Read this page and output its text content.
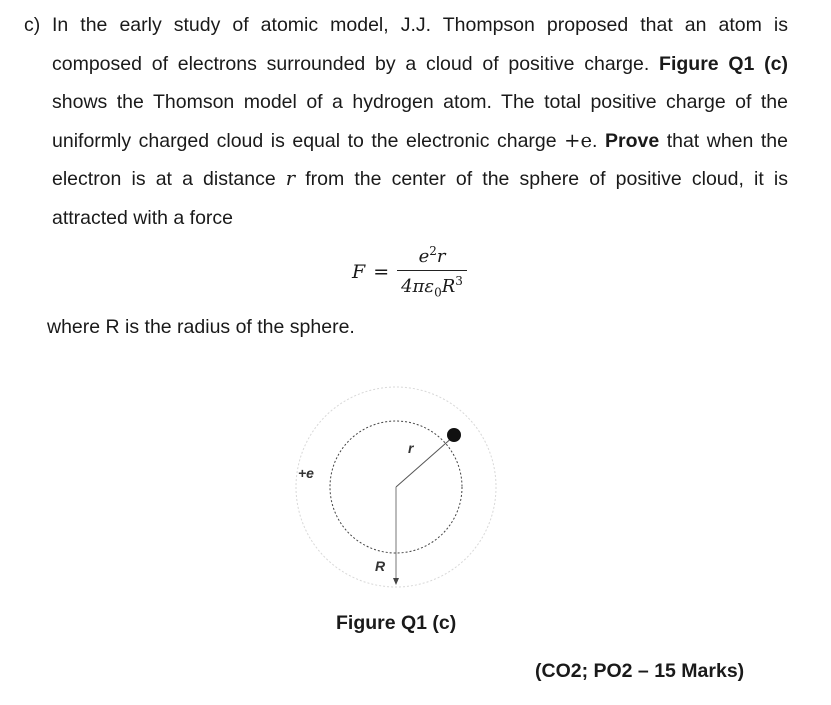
c) In the early study of atomic model, J.J. Thompson proposed that an atom is composed of electrons surrounded by a cloud of positive charge. Figure Q1 (c) shows the Thomson model of a hydrogen atom. The total positive charge of the uniformly charged cloud is equal to the electronic charge +e. Prove that when the electron is at a distance r from the center of the sphere of positive cloud, it is attracted with a force
$F = \frac{e^2r}{4\pi\varepsilon_0R^3}$
where R is the radius of the sphere.
+e
r
R
Figure Q1 (c)
(CO2; PO2 – 15 Marks)
